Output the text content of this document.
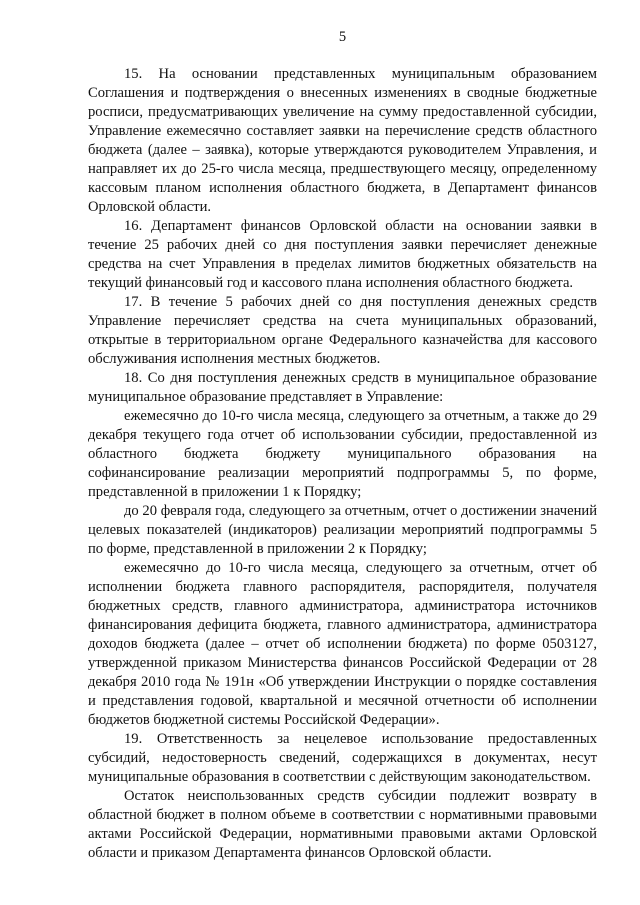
5

15. На основании представленных муниципальным образованием Соглашения и подтверждения о внесенных изменениях в сводные бюджетные росписи, предусматривающих увеличение на сумму предоставленной субсидии, Управление ежемесячно составляет заявки на перечисление средств областного бюджета (далее – заявка), которые утверждаются руководителем Управления, и направляет их до 25-го числа месяца, предшествующего месяцу, определенному кассовым планом исполнения областного бюджета, в Департамент финансов Орловской области.

16. Департамент финансов Орловской области на основании заявки в течение 25 рабочих дней со дня поступления заявки перечисляет денежные средства на счет Управления в пределах лимитов бюджетных обязательств на текущий финансовый год и кассового плана исполнения областного бюджета.

17. В течение 5 рабочих дней со дня поступления денежных средств Управление перечисляет средства на счета муниципальных образований, открытые в территориальном органе Федерального казначейства для кассового обслуживания исполнения местных бюджетов.

18. Со дня поступления денежных средств в муниципальное образование муниципальное образование представляет в Управление:

ежемесячно до 10-го числа месяца, следующего за отчетным, а также до 29 декабря текущего года отчет об использовании субсидии, предоставленной из областного бюджета бюджету муниципального образования на софинансирование реализации мероприятий подпрограммы 5, по форме, представленной в приложении 1 к Порядку;

до 20 февраля года, следующего за отчетным, отчет о достижении значений целевых показателей (индикаторов) реализации мероприятий подпрограммы 5 по форме, представленной в приложении 2 к Порядку;

ежемесячно до 10-го числа месяца, следующего за отчетным, отчет об исполнении бюджета главного распорядителя, распорядителя, получателя бюджетных средств, главного администратора, администратора источников финансирования дефицита бюджета, главного администратора, администратора доходов бюджета (далее – отчет об исполнении бюджета) по форме 0503127, утвержденной приказом Министерства финансов Российской Федерации от 28 декабря 2010 года № 191н «Об утверждении Инструкции о порядке составления и представления годовой, квартальной и месячной отчетности об исполнении бюджетов бюджетной системы Российской Федерации».

19. Ответственность за нецелевое использование предоставленных субсидий, недостоверность сведений, содержащихся в документах, несут муниципальные образования в соответствии с действующим законодательством.

Остаток неиспользованных средств субсидии подлежит возврату в областной бюджет в полном объеме в соответствии с нормативными правовыми актами Российской Федерации, нормативными правовыми актами Орловской области и приказом Департамента финансов Орловской области.
